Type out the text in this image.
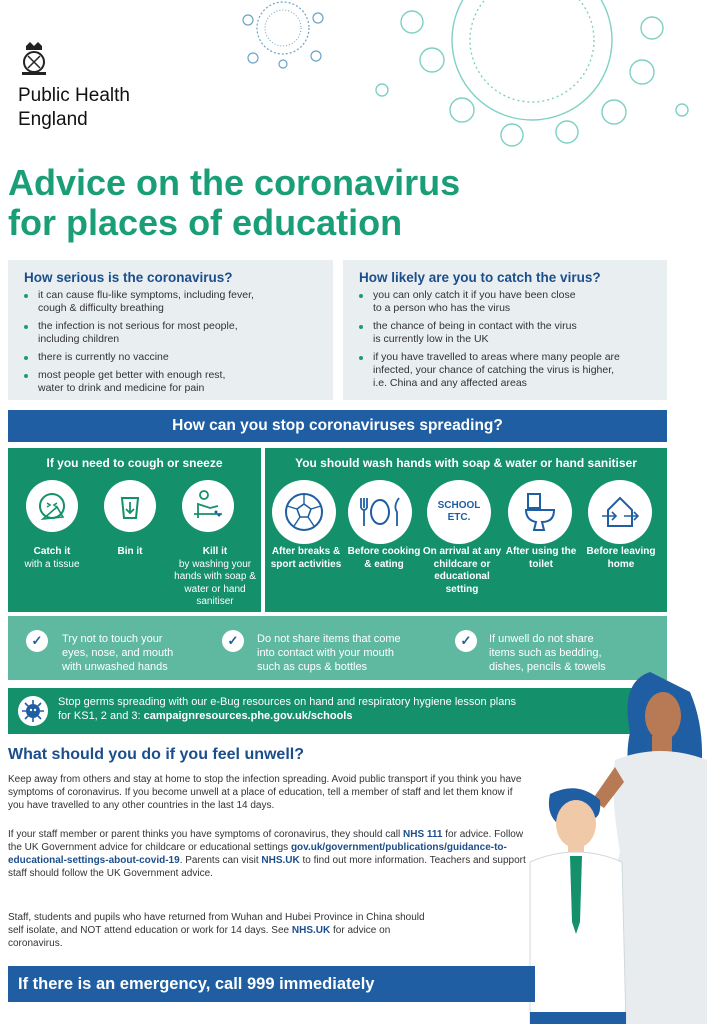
Public Health
England
Advice on the coronavirus
for places of education
How serious is the coronavirus?
it can cause flu-like symptoms, including fever,
cough & difficulty breathing
the infection is not serious for most people,
including children
there is currently no vaccine
most people get better with enough rest,
water to drink and medicine for pain
How likely are you to catch the virus?
you can only catch it if you have been close
to a person who has the virus
the chance of being in contact with the virus
is currently low in the UK
if you have travelled to areas where many people are
infected, your chance of catching the virus is higher,
i.e. China and any affected areas
How can you stop coronaviruses spreading?
If you need to cough or sneeze
Catch it
with a tissue
Bin it	Kill it
by washing your hands with soap & water or hand sanitiser
You should wash hands with soap & water or hand sanitiser
SCHOOL ETC.
After breaks & sport activities
Before cooking & eating
On arrival at any childcare or educational setting
After using the toilet
Before leaving home
✓	Try not to touch your
eyes, nose, and mouth
with unwashed hands
✓	Do not share items that come
into contact with your mouth
such as cups & bottles
✓	If unwell do not share
items such as bedding,
dishes, pencils & towels
Stop germs spreading with our e-Bug resources on hand and respiratory hygiene lesson plans
for KS1, 2 and 3: campaignresources.phe.gov.uk/schools
What should you do if you feel unwell?
Keep away from others and stay at home to stop the infection spreading. Avoid public transport if you think you have symptoms of coronavirus. If you become unwell at a place of education, tell a member of staff and let them know if you have travelled to any other countries in the last 14 days.
If your staff member or parent thinks you have symptoms of coronavirus, they should call NHS 111 for advice. Follow the UK Government advice for childcare or educational settings gov.uk/government/publications/guidance-to-educational-settings-about-covid-19. Parents can visit NHS.UK to find out more information. Teachers and support staff should follow the UK Government advice.
Staff, students and pupils who have returned from Wuhan and Hubei Province in China should self isolate, and NOT attend education or work for 14 days. See NHS.UK for advice on coronavirus.
If there is an emergency, call 999 immediately
